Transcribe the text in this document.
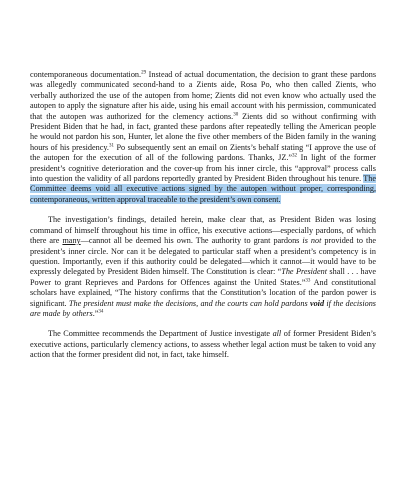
contemporaneous documentation.$^{29}$ Instead of actual documentation, the decision to grant these pardons was allegedly communicated second-hand to a Zients aide, Rosa Po, who then called Zients, who verbally authorized the use of the autopen from home; Zients did not even know who actually used the autopen to apply the signature after his aide, using his email account with his permission, communicated that the autopen was authorized for the clemency actions.$^{30}$ Zients did so without confirming with President Biden that he had, in fact, granted these pardons after repeatedly telling the American people he would not pardon his son, Hunter, let alone the five other members of the Biden family in the waning hours of his presidency.$^{31}$ Po subsequently sent an email on Zients’s behalf stating “I approve the use of the autopen for the execution of all of the following pardons. Thanks, JZ.”$^{32}$ In light of the former president’s cognitive deterioration and the cover-up from his inner circle, this “approval” process calls into question the validity of all pardons reportedly granted by President Biden throughout his tenure. The Committee deems void all executive actions signed by the autopen without proper, corresponding, contemporaneous, written approval traceable to the president’s own consent.

The investigation’s findings, detailed herein, make clear that, as President Biden was losing command of himself throughout his time in office, his executive actions—especially pardons, of which there are many—cannot all be deemed his own. The authority to grant pardons is not provided to the president’s inner circle. Nor can it be delegated to particular staff when a president’s competency is in question. Importantly, even if this authority could be delegated—which it cannot—it would have to be expressly delegated by President Biden himself. The Constitution is clear: “The President shall . . . have Power to grant Reprieves and Pardons for Offences against the United States.”$^{33}$ And constitutional scholars have explained, “The history confirms that the Constitution’s location of the pardon power is significant. The president must make the decisions, and the courts can hold pardons void if the decisions are made by others.”$^{34}$

The Committee recommends the Department of Justice investigate all of former President Biden’s executive actions, particularly clemency actions, to assess whether legal action must be taken to void any action that the former president did not, in fact, take himself.
